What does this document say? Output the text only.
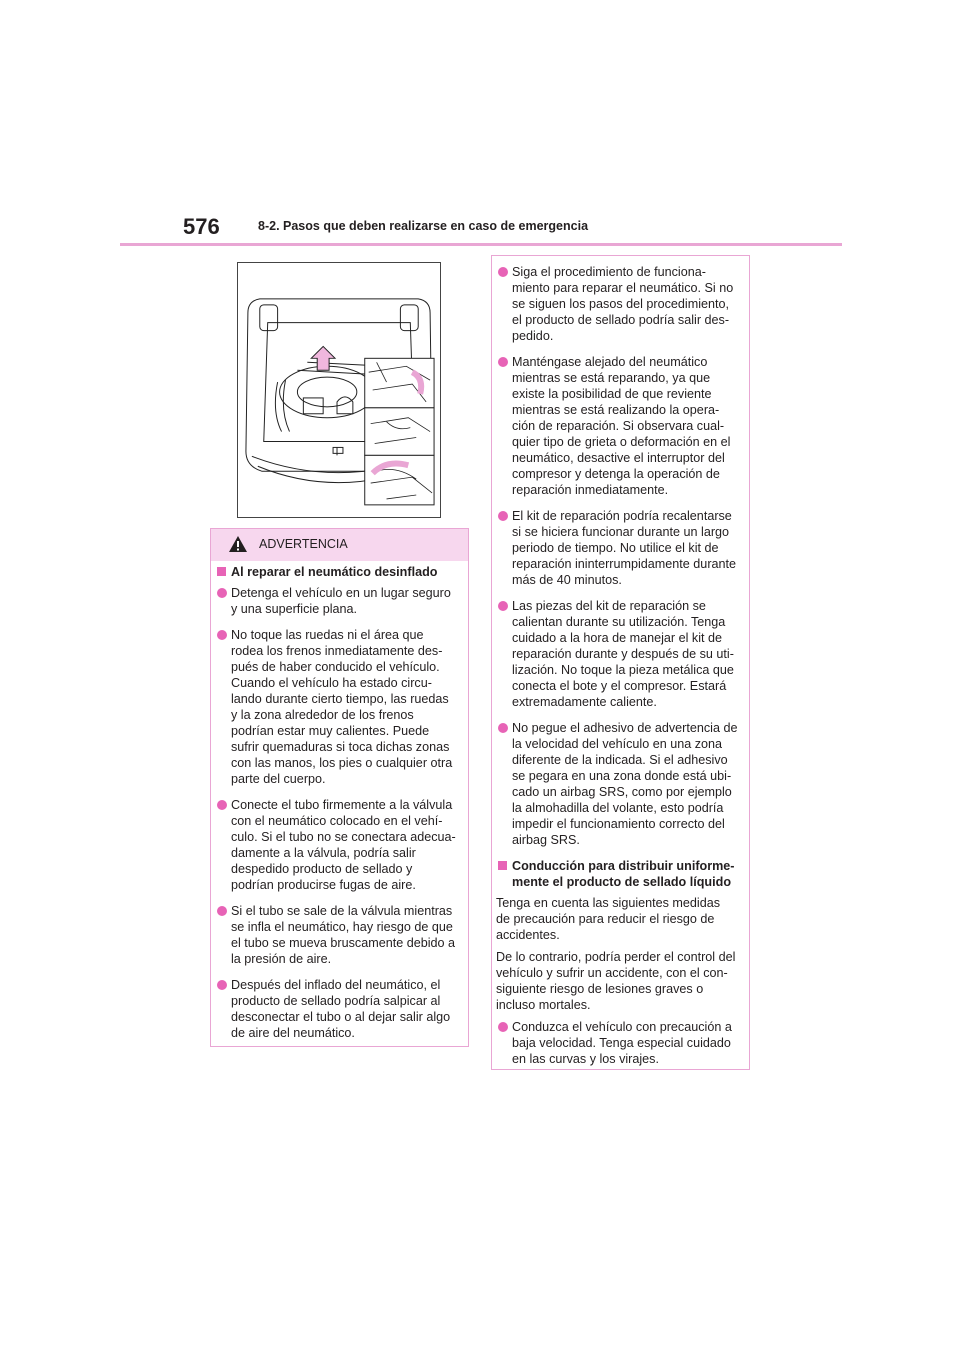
576	8-2. Pasos que deben realizarse en caso de emergencia
ADVERTENCIA
Al reparar el neumático desinflado
Detenga el vehículo en un lugar seguro
y una superficie plana.
No toque las ruedas ni el área que
rodea los frenos inmediatamente des-
pués de haber conducido el vehículo.
Cuando el vehículo ha estado circu-
lando durante cierto tiempo, las ruedas
y la zona alrededor de los frenos
podrían estar muy calientes. Puede
sufrir quemaduras si toca dichas zonas
con las manos, los pies o cualquier otra
parte del cuerpo.
Conecte el tubo firmemente a la válvula
con el neumático colocado en el vehí-
culo. Si el tubo no se conectara adecua-
damente a la válvula, podría salir
despedido producto de sellado y
podrían producirse fugas de aire.
Si el tubo se sale de la válvula mientras
se infla el neumático, hay riesgo de que
el tubo se mueva bruscamente debido a
la presión de aire.
Después del inflado del neumático, el
producto de sellado podría salpicar al
desconectar el tubo o al dejar salir algo
de aire del neumático.
Siga el procedimiento de funciona-
miento para reparar el neumático. Si no
se siguen los pasos del procedimiento,
el producto de sellado podría salir des-
pedido.
Manténgase alejado del neumático
mientras se está reparando, ya que
existe la posibilidad de que reviente
mientras se está realizando la opera-
ción de reparación. Si observara cual-
quier tipo de grieta o deformación en el
neumático, desactive el interruptor del
compresor y detenga la operación de
reparación inmediatamente.
El kit de reparación podría recalentarse
si se hiciera funcionar durante un largo
periodo de tiempo. No utilice el kit de
reparación ininterrumpidamente durante
más de 40 minutos.
Las piezas del kit de reparación se
calientan durante su utilización. Tenga
cuidado a la hora de manejar el kit de
reparación durante y después de su uti-
lización. No toque la pieza metálica que
conecta el bote y el compresor. Estará
extremadamente caliente.
No pegue el adhesivo de advertencia de
la velocidad del vehículo en una zona
diferente de la indicada. Si el adhesivo
se pegara en una zona donde está ubi-
cado un airbag SRS, como por ejemplo
la almohadilla del volante, esto podría
impedir el funcionamiento correcto del
airbag SRS.
Conducción para distribuir uniforme-
mente el producto de sellado líquido
Tenga en cuenta las siguientes medidas
de precaución para reducir el riesgo de
accidentes.
De lo contrario, podría perder el control del
vehículo y sufrir un accidente, con el con-
siguiente riesgo de lesiones graves o
incluso mortales.
Conduzca el vehículo con precaución a
baja velocidad. Tenga especial cuidado
en las curvas y los virajes.
